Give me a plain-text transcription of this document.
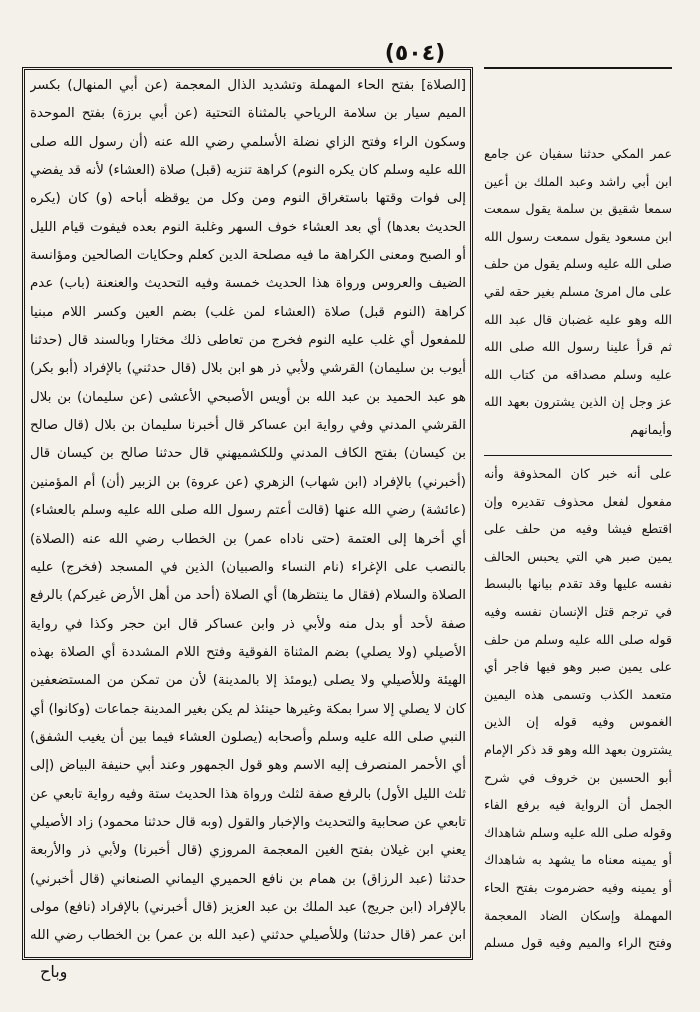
(٥٠٤)

[الصلاة] بفتح الحاء المهملة وتشديد الذال المعجمة (عن أبي المنهال) بكسر الميم سيار بن سلامة الرياحي بالمثناة التحتية (عن أبي برزة) بفتح الموحدة وسكون الراء وفتح الزاي نضلة الأسلمي رضي الله عنه (أن رسول الله صلى الله عليه وسلم كان يكره النوم) كراهة تنزيه (قبل) صلاة (العشاء) لأنه قد يفضي إلى فوات وقتها باستغراق النوم ومن وكل من يوقظه أباحه (و) كان (يكره الحديث بعدها) أي بعد العشاء خوف السهر وغلبة النوم بعده فيفوت قيام الليل أو الصبح ومعنى الكراهة ما فيه مصلحة الدين كعلم وحكايات الصالحين ومؤانسة الضيف والعروس ورواة هذا الحديث خمسة وفيه التحديث والعنعنة (باب) عدم كراهة (النوم قبل) صلاة (العشاء لمن غلب) بضم العين وكسر اللام مبنيا للمفعول أي غلب عليه النوم فخرج من تعاطى ذلك مختارا وبالسند قال (حدثنا أيوب بن سليمان) القرشي ولأبي ذر هو ابن بلال (قال حدثني) بالإفراد (أبو بكر) هو عبد الحميد بن عبد الله بن أويس الأصبحي الأعشى (عن سليمان) بن بلال القرشي المدني وفي رواية ابن عساكر قال أخبرنا سليمان بن بلال (قال صالح بن كيسان) بفتح الكاف المدني وللكشميهني قال حدثنا صالح بن كيسان قال (أخبرني) بالإفراد (ابن شهاب) الزهري (عن عروة) بن الزبير (أن) أم المؤمنين (عائشة) رضي الله عنها (قالت أعتم رسول الله صلى الله عليه وسلم بالعشاء) أي أخرها إلى العتمة (حتى ناداه عمر) بن الخطاب رضي الله عنه (الصلاة) بالنصب على الإغراء (نام النساء والصبيان) الذين في المسجد (فخرج) عليه الصلاة والسلام (فقال ما ينتظرها) أي الصلاة (أحد من أهل الأرض غيركم) بالرفع صفة لأحد أو بدل منه ولأبي ذر وابن عساكر قال ابن حجر وكذا في رواية الأصيلي (ولا يصلي) بضم المثناة الفوقية وفتح اللام المشددة أي الصلاة بهذه الهيئة وللأصيلي ولا يصلى (يومئذ إلا بالمدينة) لأن من تمكن من المستضعفين كان لا يصلي إلا سرا بمكة وغيرها حينئذ لم يكن بغير المدينة جماعات (وكانوا) أي النبي صلى الله عليه وسلم وأصحابه (يصلون العشاء فيما بين أن يغيب الشفق) أي الأحمر المنصرف إليه الاسم وهو قول الجمهور وعند أبي حنيفة البياض (إلى ثلث الليل الأول) بالرفع صفة لثلث ورواة هذا الحديث ستة وفيه رواية تابعي عن تابعي عن صحابية والتحديث والإخبار والقول (وبه قال حدثنا محمود) زاد الأصيلي يعني ابن غيلان بفتح الغين المعجمة المروزي (قال أخبرنا) ولأبي ذر والأربعة حدثنا (عبد الرزاق) بن همام بن نافع الحميري اليماني الصنعاني (قال أخبرني) بالإفراد (ابن جريج) عبد الملك بن عبد العزيز (قال أخبرني) بالإفراد (نافع) مولى ابن عمر (قال حدثنا) وللأصيلي حدثني (عبد الله بن عمر) بن الخطاب رضي الله

عمر المكي حدثنا سفيان عن جامع ابن أبي راشد وعبد الملك بن أعين سمعا شقيق بن سلمة يقول سمعت ابن مسعود يقول سمعت رسول الله صلى الله عليه وسلم يقول من حلف على مال امرئ مسلم بغير حقه لقي الله وهو عليه غضبان قال عبد الله ثم قرأ علينا رسول الله صلى الله عليه وسلم مصداقه من كتاب الله عز وجل إن الذين يشترون بعهد الله وأيمانهم

على أنه خبر كان المحذوفة وأنه مفعول لفعل محذوف تقديره وإن اقتطع فيشا وفيه من حلف على يمين صبر هي التي يحبس الحالف نفسه عليها وقد تقدم بيانها بالبسط في ترجم قتل الإنسان نفسه وفيه قوله صلى الله عليه وسلم من حلف على يمين صبر وهو فيها فاجر أي متعمد الكذب وتسمى هذه اليمين الغموس وفيه قوله إن الذين يشترون بعهد الله وهو قد ذكر الإمام أبو الحسين بن خروف في شرح الجمل أن الرواية فيه برفع الفاء وقوله صلى الله عليه وسلم شاهداك أو يمينه معناه ما يشهد به شاهداك أو يمينه وفيه حضرموت بفتح الحاء المهملة وإسكان الضاد المعجمة وفتح الراء والميم وفيه قول مسلم

وباح
